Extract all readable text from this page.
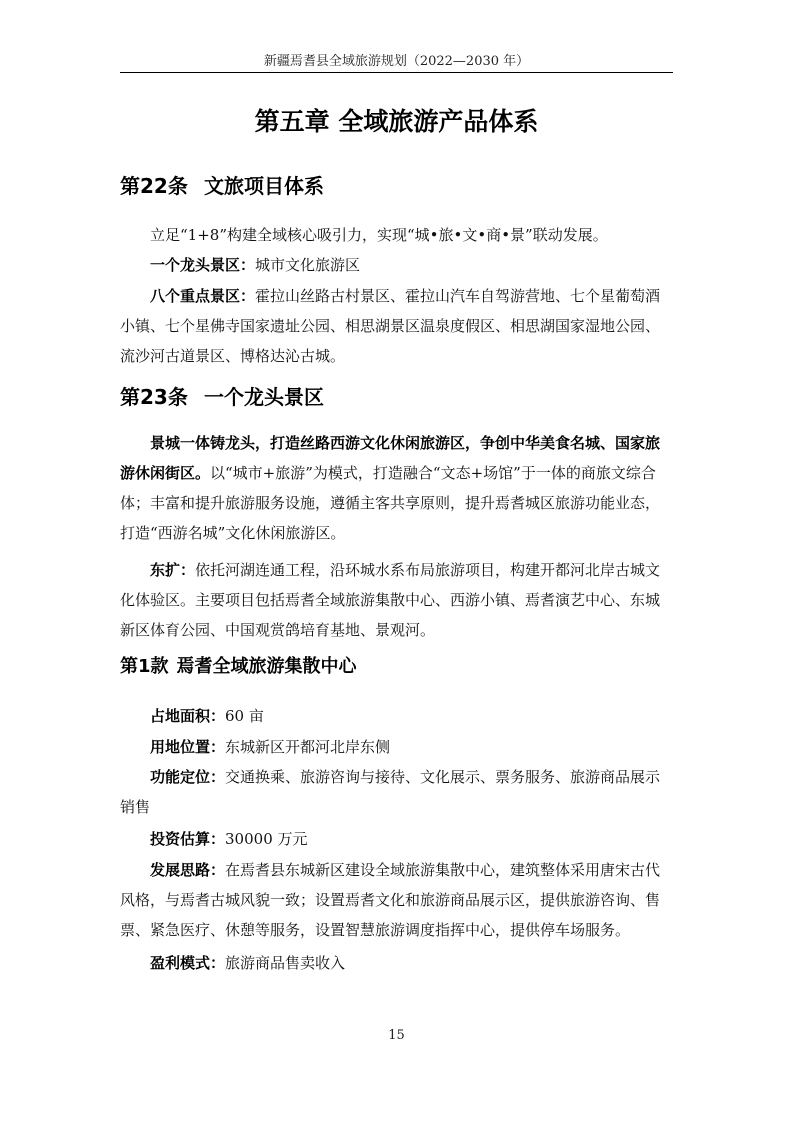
新疆焉耆县全域旅游规划（2022—2030 年）
第五章 全域旅游产品体系
第22条 文旅项目体系

立足“1+8”构建全域核心吸引力，实现“城•旅•文•商•景”联动发展。

一个龙头景区：城市文化旅游区

八个重点景区：霍拉山丝路古村景区、霍拉山汽车自驾游营地、七个星葡萄酒小镇、七个星佛寺国家遗址公园、相思湖景区温泉度假区、相思湖国家湿地公园、流沙河古道景区、博格达沁古城。

第23条 一个龙头景区

景城一体铸龙头，打造丝路西游文化休闲旅游区，争创中华美食名城、国家旅游休闲街区。以“城市+旅游”为模式，打造融合“文态+场馆”于一体的商旅文综合体；丰富和提升旅游服务设施，遵循主客共享原则，提升焉耆城区旅游功能业态，打造“西游名城”文化休闲旅游区。

东扩：依托河湖连通工程，沿环城水系布局旅游项目，构建开都河北岸古城文化体验区。主要项目包括焉耆全域旅游集散中心、西游小镇、焉耆演艺中心、东城新区体育公园、中国观赏鸽培育基地、景观河。

第1款 焉耆全域旅游集散中心

占地面积：60 亩

用地位置：东城新区开都河北岸东侧

功能定位：交通换乘、旅游咨询与接待、文化展示、票务服务、旅游商品展示销售

投资估算：30000 万元

发展思路：在焉耆县东城新区建设全域旅游集散中心，建筑整体采用唐宋古代风格，与焉耆古城风貌一致；设置焉耆文化和旅游商品展示区，提供旅游咨询、售票、紧急医疗、休憩等服务，设置智慧旅游调度指挥中心，提供停车场服务。

盈利模式：旅游商品售卖收入

15
